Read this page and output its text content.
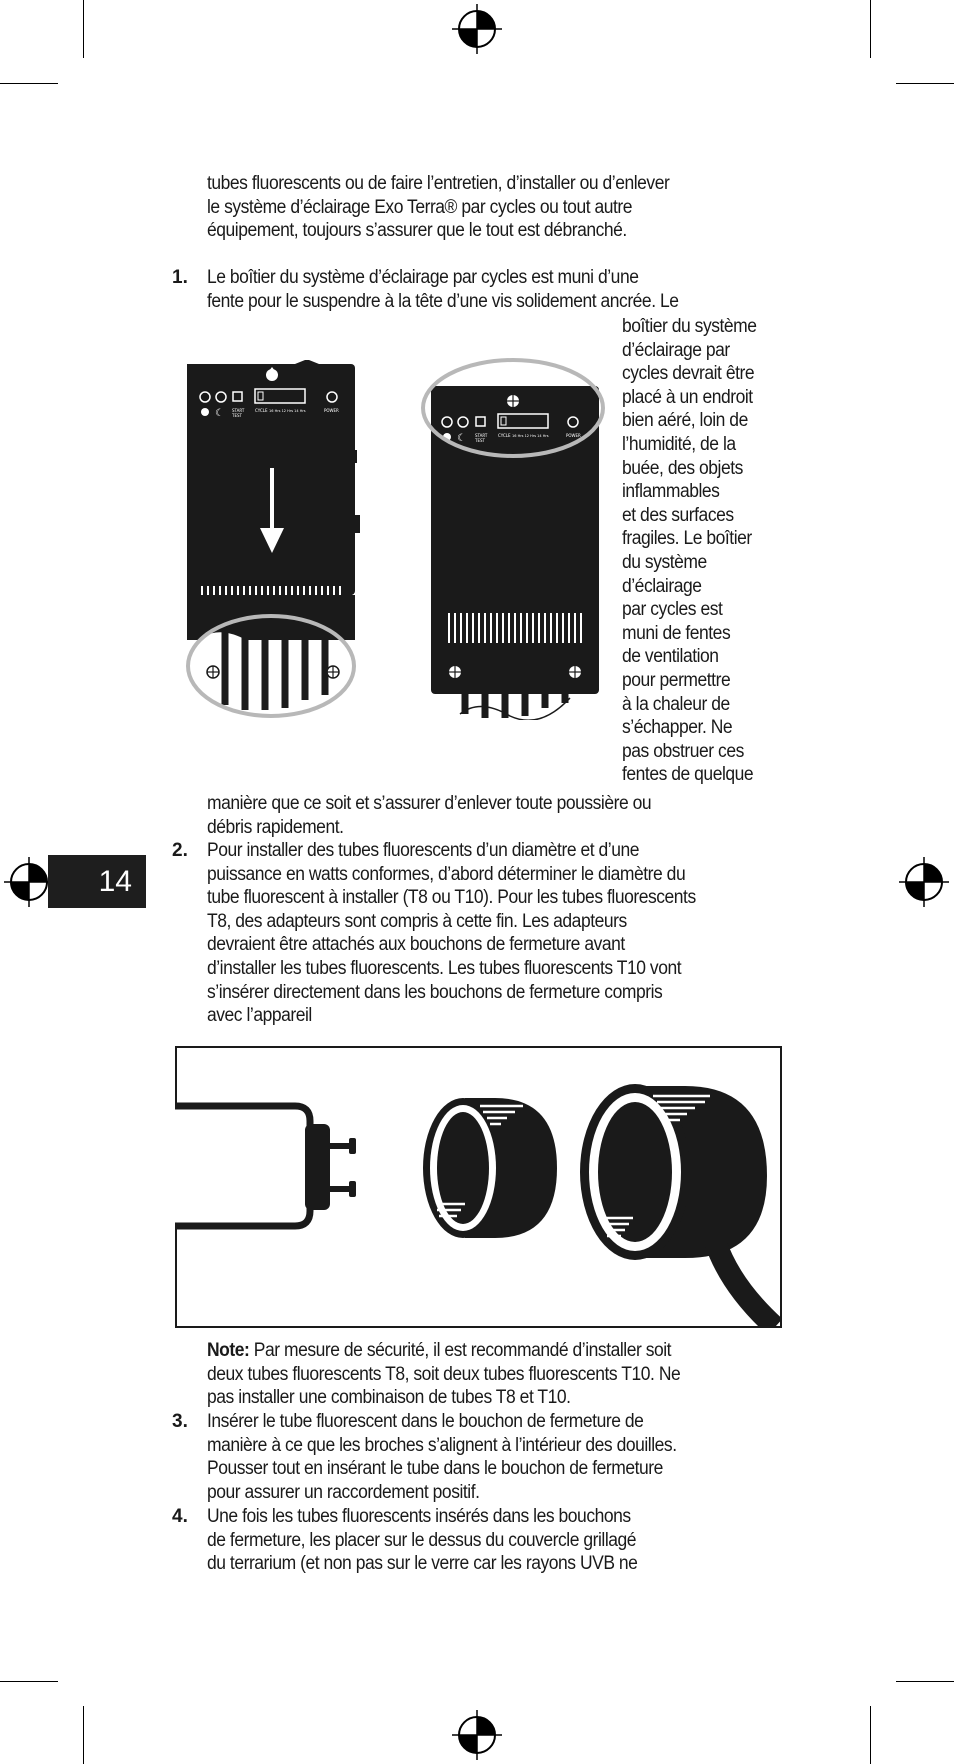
14
tubes fluorescents ou de faire l’entretien, d’installer ou d’enlever
le système d’éclairage Exo Terra® par cycles ou tout autre
équipement, toujours s’assurer que le tout est débranché.
1. Le boîtier du système d’éclairage par cycles est muni d’une
fente pour le suspendre à la tête d’une vis solidement ancrée. Le
boîtier du système
d’éclairage par
cycles devrait être
placé à un endroit
bien aéré, loin de
l’humidité, de la
buée, des objets
inflammables
et des surfaces
fragiles. Le boîtier
du système
d’éclairage
par cycles est
muni de fentes
de ventilation
pour permettre
à la chaleur de
s’échapper. Ne
pas obstruer ces
fentes de quelque
manière que ce soit et s’assurer d’enlever toute poussière ou
débris rapidement.
☾ START
TEST
CYCLE 16 Hrs 12 Hrs 14 Hrs	POWER
☾ START
TEST
CYCLE 16 Hrs 12 Hrs 14 Hrs	POWER
2. Pour installer des tubes fluorescents d’un diamètre et d’une
puissance en watts conformes, d’abord déterminer le diamètre du
tube fluorescent à installer (T8 ou T10). Pour les tubes fluorescents
T8, des adapteurs sont compris à cette fin. Les adapteurs
devraient être attachés aux bouchons de fermeture avant
d’installer les tubes fluorescents. Les tubes fluorescents T10 vont
s’insérer directement dans les bouchons de fermeture compris
avec l’appareil
Note: Par mesure de sécurité, il est recommandé d’installer soit
deux tubes fluorescents T8, soit deux tubes fluorescents T10. Ne
pas installer une combinaison de tubes T8 et T10.
3. Insérer le tube fluorescent dans le bouchon de fermeture de
manière à ce que les broches s’alignent à l’intérieur des douilles.
Pousser tout en insérant le tube dans le bouchon de fermeture
pour assurer un raccordement positif.
4. Une fois les tubes fluorescents insérés dans les bouchons
de fermeture, les placer sur le dessus du couvercle grillagé
du terrarium (et non pas sur le verre car les rayons UVB ne
